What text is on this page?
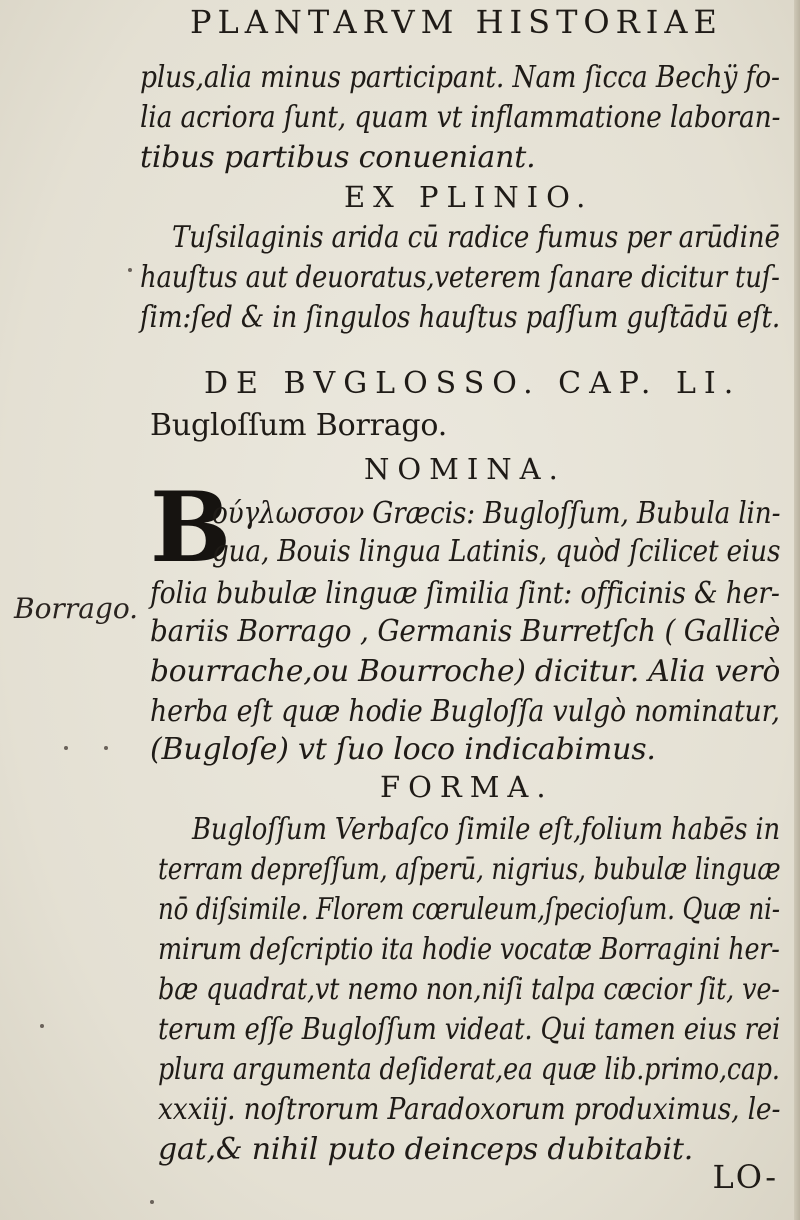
PLANTARVM HISTORIAE
plus,alia minus participant. Nam ſicca Bechÿ fo-
lia acriora ſunt, quam vt inflammatione laboran-
tibus partibus conueniant.
EX PLINIO.
Tuſsilaginis arida cū radice fumus per arūdinē
hauſtus aut deuoratus,veterem ſanare dicitur tuſ-
ſim:ſed & in ſingulos hauſtus paſſum guſtādū eſt.
DE BVGLOSSO. CAP. LI.
Bugloſſum Borrago.
NOMINA.
B
ούγλωσσον Græcis: Bugloſſum, Bubula lin-
gua, Bouis lingua Latinis, quòd ſcilicet eius
folia bubulæ linguæ ſimilia ſint: officinis & her-
bariis Borrago , Germanis Burretſch ( Gallicè
bourrache,ou Bourroche) dicitur. Alia verò
herba eſt quæ hodie Bugloſſa vulgò nominatur,
(Bugloſe) vt ſuo loco indicabimus.
Borrago.
FORMA.
Bugloſſum Verbaſco ſimile eſt,folium habēs in
terram depreſſum, aſperū, nigrius, bubulæ linguæ
nō diſsimile. Florem cœruleum,ſpecioſum. Quæ ni-
mirum deſcriptio ita hodie vocatæ Borragini her-
bæ quadrat,vt nemo non,niſi talpa cæcior ſit, ve-
terum eſſe Bugloſſum videat. Qui tamen eius rei
plura argumenta deſiderat,ea quæ lib.primo,cap.
xxxiij. noſtrorum Paradoxorum produximus, le-
gat,& nihil puto deinceps dubitabit.
LO-
